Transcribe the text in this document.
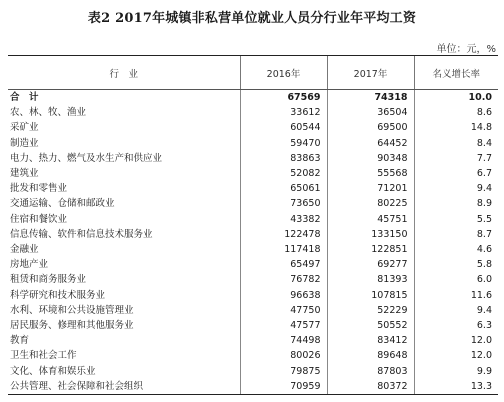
表2 2017年城镇非私营单位就业人员分行业年平均工资
单位：元，%
行　业	2016年	2017年	名义增长率
合　计	67569	74318	10.0
农、林、牧、渔业	33612	36504	8.6
采矿业	60544	69500	14.8
制造业	59470	64452	8.4
电力、热力、燃气及水生产和供应业	83863	90348	7.7
建筑业	52082	55568	6.7
批发和零售业	65061	71201	9.4
交通运输、仓储和邮政业	73650	80225	8.9
住宿和餐饮业	43382	45751	5.5
信息传输、软件和信息技术服务业	122478	133150	8.7
金融业	117418	122851	4.6
房地产业	65497	69277	5.8
租赁和商务服务业	76782	81393	6.0
科学研究和技术服务业	96638	107815	11.6
水利、环境和公共设施管理业	47750	52229	9.4
居民服务、修理和其他服务业	47577	50552	6.3
教育	74498	83412	12.0
卫生和社会工作	80026	89648	12.0
文化、体育和娱乐业	79875	87803	9.9
公共管理、社会保障和社会组织	70959	80372	13.3
